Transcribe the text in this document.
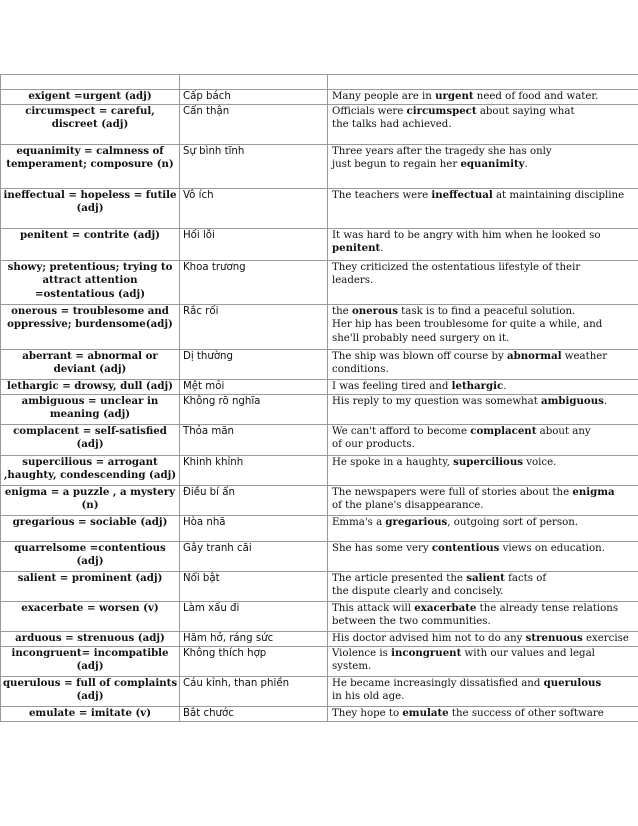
exigent =urgent (adj)	Cấp bách	Many people are in urgent need of food and water.

circumspect = careful, discreet (adj)	Cẩn thận	Officials were circumspect about saying what
the talks had achieved.

equanimity = calmness of temperament; composure (n)	Sự bình tĩnh	Three years after the tragedy she has only
just begun to regain her equanimity.

ineffectual = hopeless = futile (adj)	Vô ích	The teachers were ineffectual at maintaining discipline

penitent = contrite (adj)	Hối lỗi	It was hard to be angry with him when he looked so
penitent.

showy; pretentious; trying to attract attention =ostentatious (adj)	Khoa trương	They criticized the ostentatious lifestyle of their
leaders.

onerous = troublesome and oppressive; burdensome(adj)	Rắc rối	the onerous task is to find a peaceful solution.
Her hip has been troublesome for quite a while, and
she'll probably need surgery on it.

aberrant = abnormal or deviant (adj)	Dị thường	The ship was blown off course by abnormal weather
conditions.

lethargic = drowsy, dull (adj)	Mệt mỏi	I was feeling tired and lethargic.

ambiguous = unclear in meaning (adj)	Không rõ nghĩa	His reply to my question was somewhat ambiguous.

complacent = self-satisfied (adj)	Thỏa mãn	We can't afford to become complacent about any
of our products.

supercilious = arrogant ,haughty, condescending (adj)	Khinh khỉnh	He spoke in a haughty, supercilious voice.

enigma = a puzzle , a mystery (n)	Điều bí ẩn	The newspapers were full of stories about the enigma
of the plane's disappearance.

gregarious = sociable (adj)	Hòa nhã	Emma's a gregarious, outgoing sort of person.

quarrelsome =contentious (adj)	Gây tranh cãi	She has some very contentious views on education.

salient = prominent (adj)	Nổi bật	The article presented the salient facts of
the dispute clearly and concisely.

exacerbate = worsen (v)	Làm xấu đi	This attack will exacerbate the already tense relations
between the two communities.

arduous = strenuous (adj)	Hăm hở, ráng sức	His doctor advised him not to do any strenuous exercise

incongruent= incompatible (adj)	Không thích hợp	Violence is incongruent with our values and legal
system.

querulous = full of complaints (adj)	Cáu kỉnh, than phiền	He became increasingly dissatisfied and querulous
in his old age.

emulate = imitate (v)	Bắt chước	They hope to emulate the success of other software
